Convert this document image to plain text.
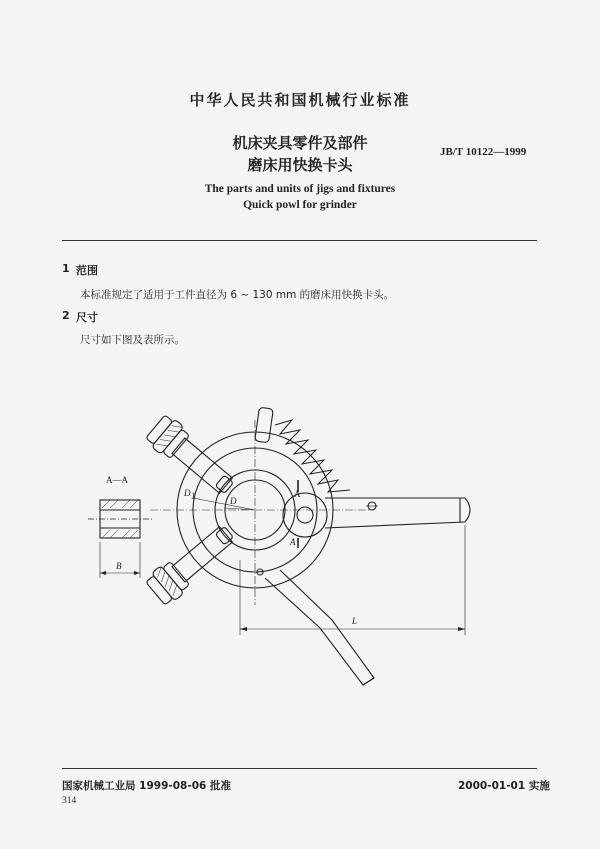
中华人民共和国机械行业标准
机床夹具零件及部件
磨床用快换卡头
JB/T 10122—1999
The parts and units of jigs and fixtures
Quick powl for grinder
1 范围
本标准规定了适用于工件直径为 6 ~ 130 mm 的磨床用快换卡头。
2 尺寸
尺寸如下图及表所示。
A—A
B
L
D 1	D
A
A
国家机械工业局 1999-08-06 批准	2000-01-01 实施
314
